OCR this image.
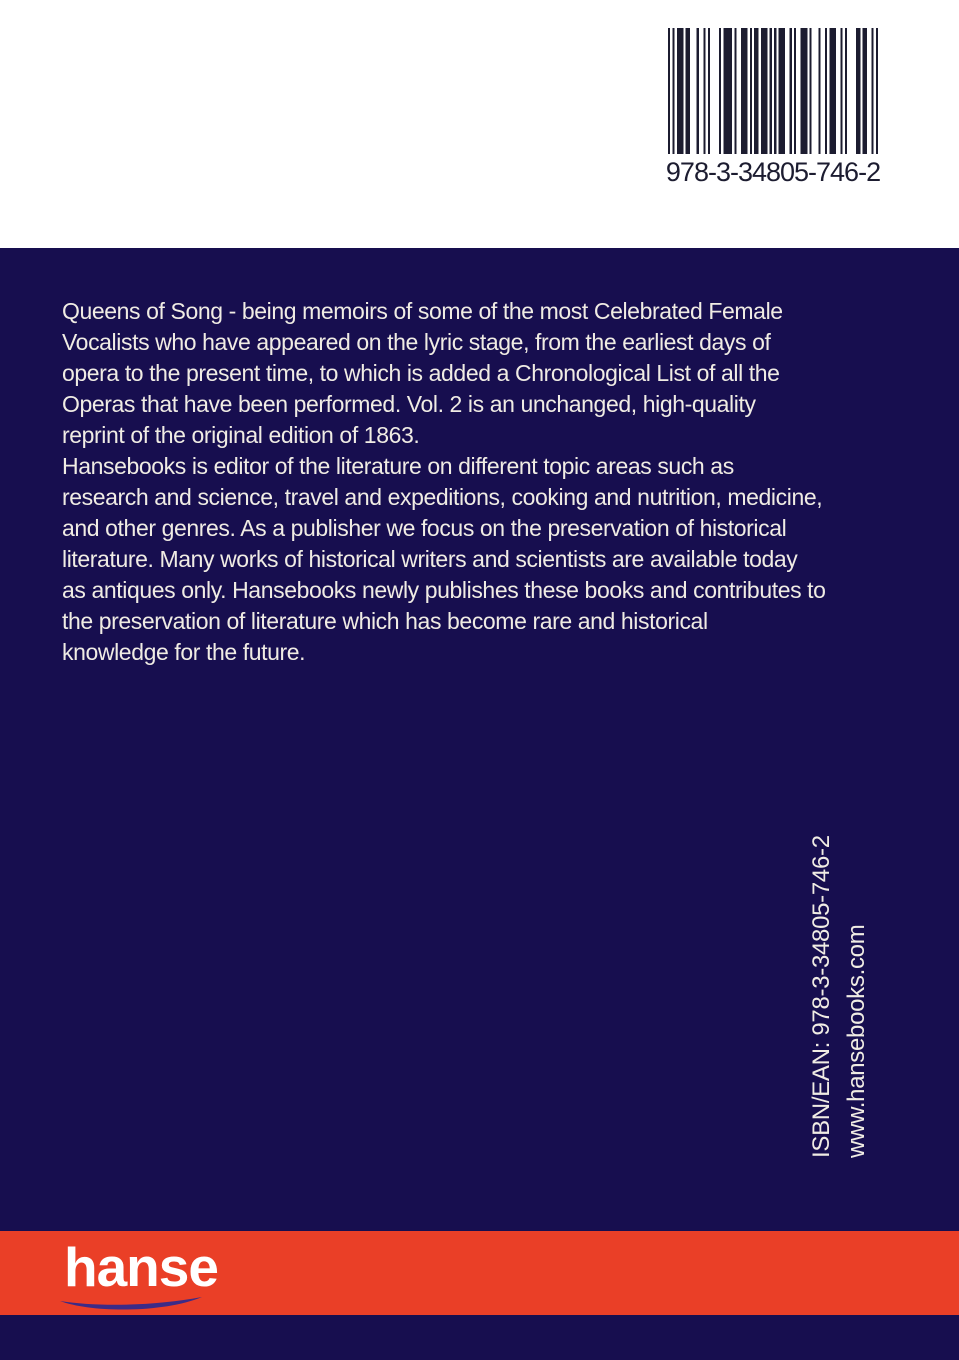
978-3-34805-746-2
Queens of Song - being memoirs of some of the most Celebrated Female
Vocalists who have appeared on the lyric stage, from the earliest days of
opera to the present time, to which is added a Chronological List of all the
Operas that have been performed. Vol. 2 is an unchanged, high-quality
reprint of the original edition of 1863.
Hansebooks is editor of the literature on different topic areas such as
research and science, travel and expeditions, cooking and nutrition, medicine,
and other genres. As a publisher we focus on the preservation of historical
literature. Many works of historical writers and scientists are available today
as antiques only. Hansebooks newly publishes these books and contributes to
the preservation of literature which has become rare and historical
knowledge for the future.
ISBN/EAN: 978-3-34805-746-2 www.hansebooks.com
hanse
